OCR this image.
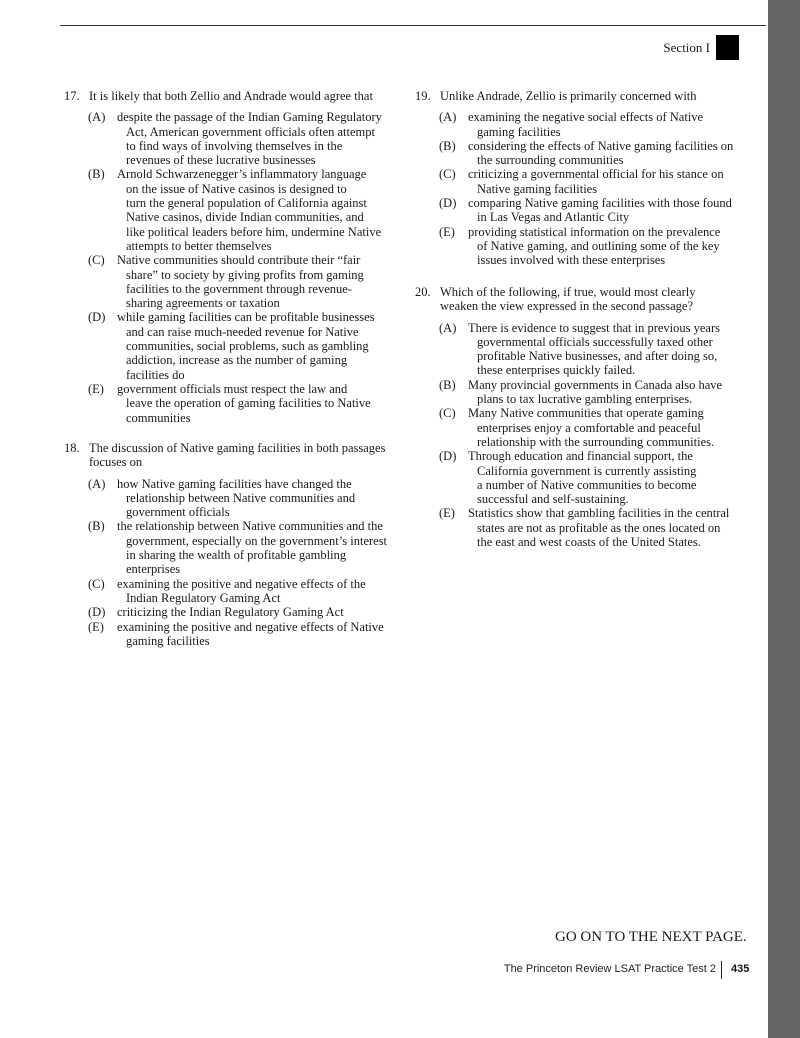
Section I
17. It is likely that both Zellio and Andrade would agree that
(A) despite the passage of the Indian Gaming Regulatory
Act, American government officials often attempt
to find ways of involving themselves in the
revenues of these lucrative businesses
(B) Arnold Schwarzenegger’s inflammatory language
on the issue of Native casinos is designed to
turn the general population of California against
Native casinos, divide Indian communities, and
like political leaders before him, undermine Native
attempts to better themselves
(C) Native communities should contribute their “fair
share” to society by giving profits from gaming
facilities to the government through revenue-
sharing agreements or taxation
(D) while gaming facilities can be profitable businesses
and can raise much-needed revenue for Native
communities, social problems, such as gambling
addiction, increase as the number of gaming
facilities do
(E) government officials must respect the law and
leave the operation of gaming facilities to Native
communities
18. The discussion of Native gaming facilities in both passages
focuses on
(A) how Native gaming facilities have changed the
relationship between Native communities and
government officials
(B) the relationship between Native communities and the
government, especially on the government’s interest
in sharing the wealth of profitable gambling
enterprises
(C) examining the positive and negative effects of the
Indian Regulatory Gaming Act
(D) criticizing the Indian Regulatory Gaming Act
(E) examining the positive and negative effects of Native
gaming facilities
19. Unlike Andrade, Zellio is primarily concerned with
(A) examining the negative social effects of Native
gaming facilities
(B) considering the effects of Native gaming facilities on
the surrounding communities
(C) criticizing a governmental official for his stance on
Native gaming facilities
(D) comparing Native gaming facilities with those found
in Las Vegas and Atlantic City
(E) providing statistical information on the prevalence
of Native gaming, and outlining some of the key
issues involved with these enterprises
20. Which of the following, if true, would most clearly
weaken the view expressed in the second passage?
(A) There is evidence to suggest that in previous years
governmental officials successfully taxed other
profitable Native businesses, and after doing so,
these enterprises quickly failed.
(B) Many provincial governments in Canada also have
plans to tax lucrative gambling enterprises.
(C) Many Native communities that operate gaming
enterprises enjoy a comfortable and peaceful
relationship with the surrounding communities.
(D) Through education and financial support, the
California government is currently assisting
a number of Native communities to become
successful and self-sustaining.
(E) Statistics show that gambling facilities in the central
states are not as profitable as the ones located on
the east and west coasts of the United States.
GO ON TO THE NEXT PAGE.
The Princeton Review LSAT Practice Test 2 435
